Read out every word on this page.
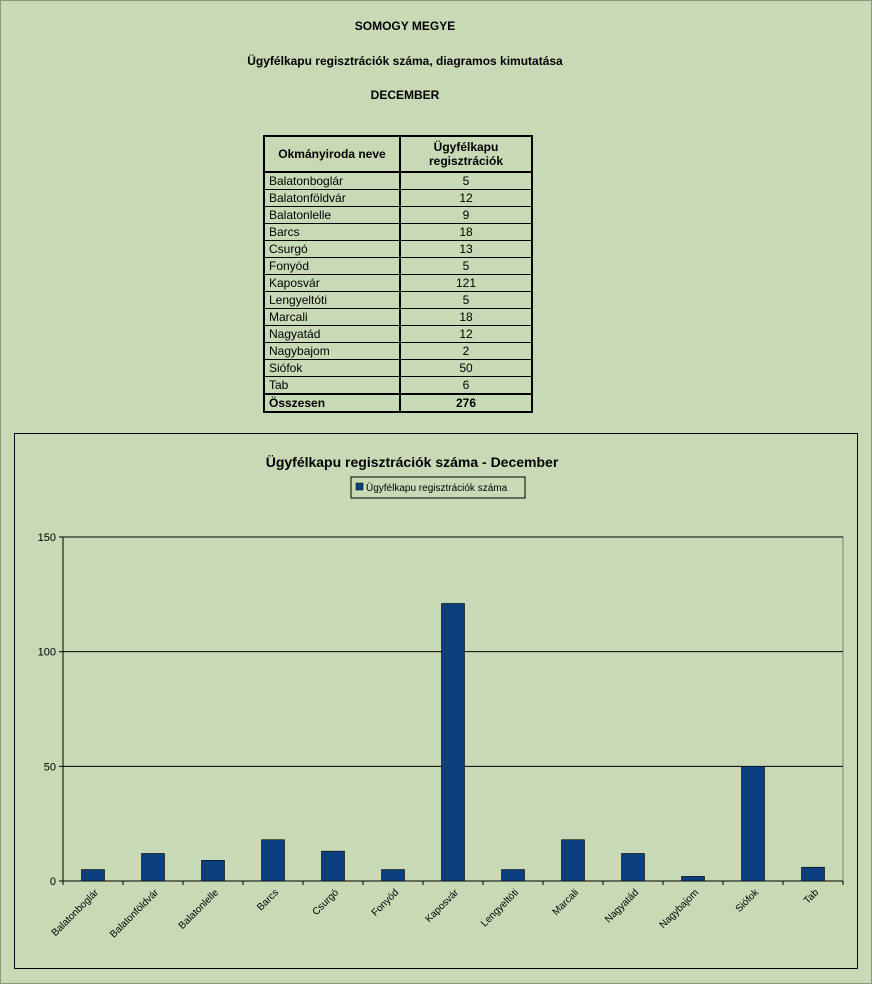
SOMOGY MEGYE
Ügyfélkapu regisztrációk száma, diagramos kimutatása
DECEMBER
Okmányiroda neve	Ügyfélkapu
regisztrációk
Balatonboglár	5
Balatonföldvár	12
Balatonlelle	9
Barcs	18
Csurgó	13
Fonyód	5
Kaposvár	121
Lengyeltóti	5
Marcali	18
Nagyatád	12
Nagybajom	2
Siófok	50
Tab	6
Összesen	276
Ügyfélkapu regisztrációk száma - December
Ügyfélkapu regisztrációk száma
0
50
100
150
Balatonboglár Balatonföldvár Balatonlelle	Barcs	Csurgó	Fonyód Kaposvár Lengyeltóti	Marcali Nagyatád Nagybajom	Siófok	Tab
